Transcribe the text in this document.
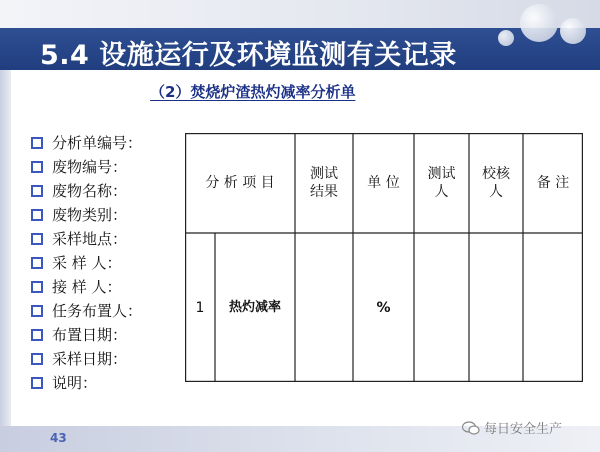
5.4 设施运行及环境监测有关记录
（2）焚烧炉渣热灼减率分析单
分析单编号：
废物编号：
废物名称：
废物类别：
采样地点：
采 样 人：
接 样 人：
任务布置人：
布置日期：
采样日期：
说明：
分 析 项 目
测试
结果
单 位
测试
人
校核
人
备 注
1	热灼减率	%
43
每日安全生产
